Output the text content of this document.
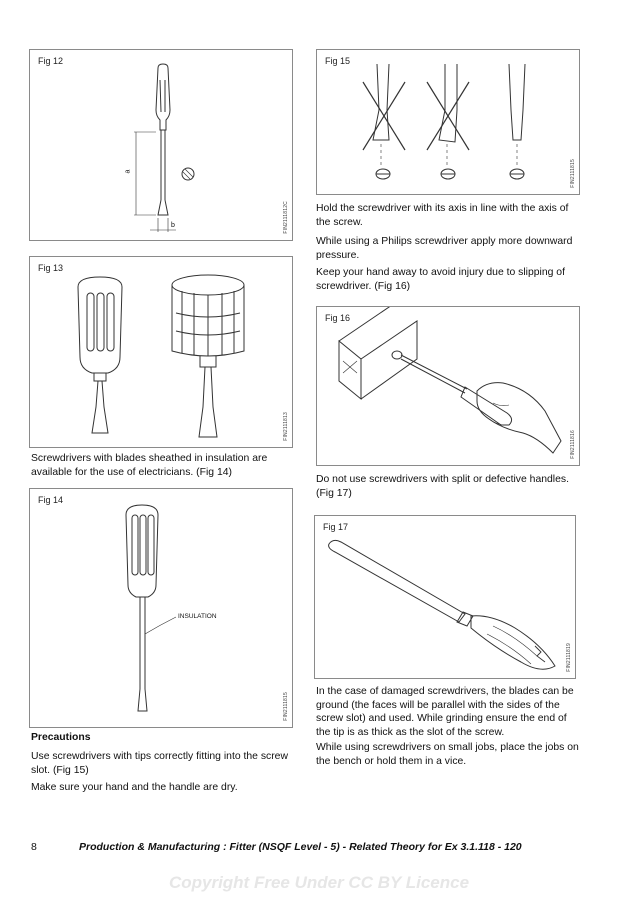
Fig 12
a
b	FIN2111812C
Fig 13
FIN2111813

Screwdrivers with blades sheathed in insulation are available for the use of electricians. (Fig 14)

Fig 14
INSULATION
FIN2111815

Precautions

Use screwdrivers with tips correctly fitting into the screw slot. (Fig 15)

Make sure your hand and the handle are dry.

Fig 15
FIN2111815

Hold the screwdriver with its axis in line with the axis of the screw.

While using a Philips screwdriver apply more downward pressure.

Keep your hand away to avoid injury due to slipping of screwdriver. (Fig 16)

Fig 16
FIN2111816

Do not use screwdrivers with split or defective handles. (Fig 17)

Fig 17
FIN2111819

In the case of damaged screwdrivers, the blades can be ground (the faces will be parallel with the sides of the screw slot) and used. While grinding ensure the end of the tip is as thick as the slot of the screw.

While using screwdrivers on small jobs, place the jobs on the bench or hold them in a vice.

8	Production & Manufacturing : Fitter (NSQF Level - 5) - Related Theory for Ex 3.1.118 - 120
Copyright Free Under CC BY Licence
